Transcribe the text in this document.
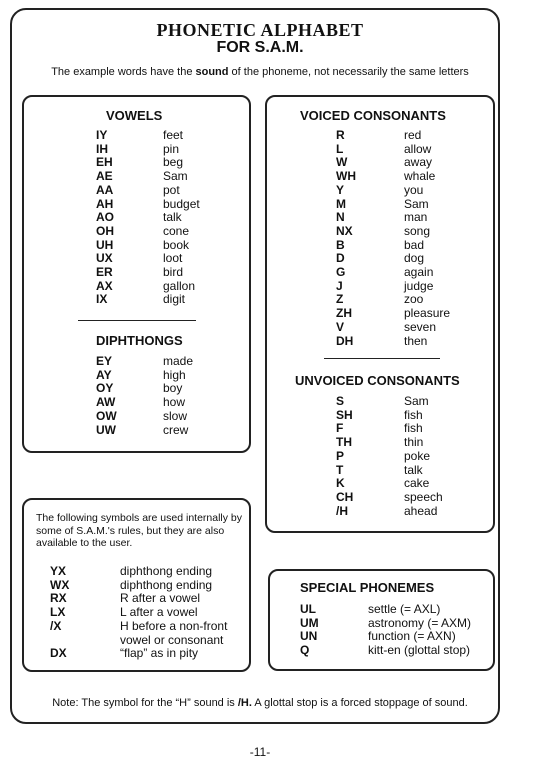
PHONETIC ALPHABET
FOR S.A.M.
The example words have the sound of the phoneme, not necessarily the same letters
VOWELS
IY	feet
IH	pin
EH	beg
AE	Sam
AA	pot
AH	budget
AO	talk
OH	cone
UH	book
UX	loot
ER	bird
AX	gallon
IX	digit
DIPHTHONGS
EY	made
AY	high
OY	boy
AW	how
OW	slow
UW	crew
VOICED CONSONANTS
R	red
L	allow
W	away
WH	whale
Y	you
M	Sam
N	man
NX	song
B	bad
D	dog
G	again
J	judge
Z	zoo
ZH	pleasure
V	seven
DH	then
UNVOICED CONSONANTS
S	Sam
SH	fish
F	fish
TH	thin
P	poke
T	talk
K	cake
CH	speech
/H	ahead
The following symbols are used internally by some of S.A.M.'s rules, but they are also available to the user.
YX	diphthong ending
WX	diphthong ending
RX	R after a vowel
LX	L after a vowel
/X	H before a non-front
vowel or consonant
DX	“flap” as in pity
SPECIAL PHONEMES
UL	settle (= AXL)
UM	astronomy (= AXM)
UN	function (= AXN)
Q	kitt-en (glottal stop)
Note: The symbol for the “H” sound is /H. A glottal stop is a forced stoppage of sound.
-11-
